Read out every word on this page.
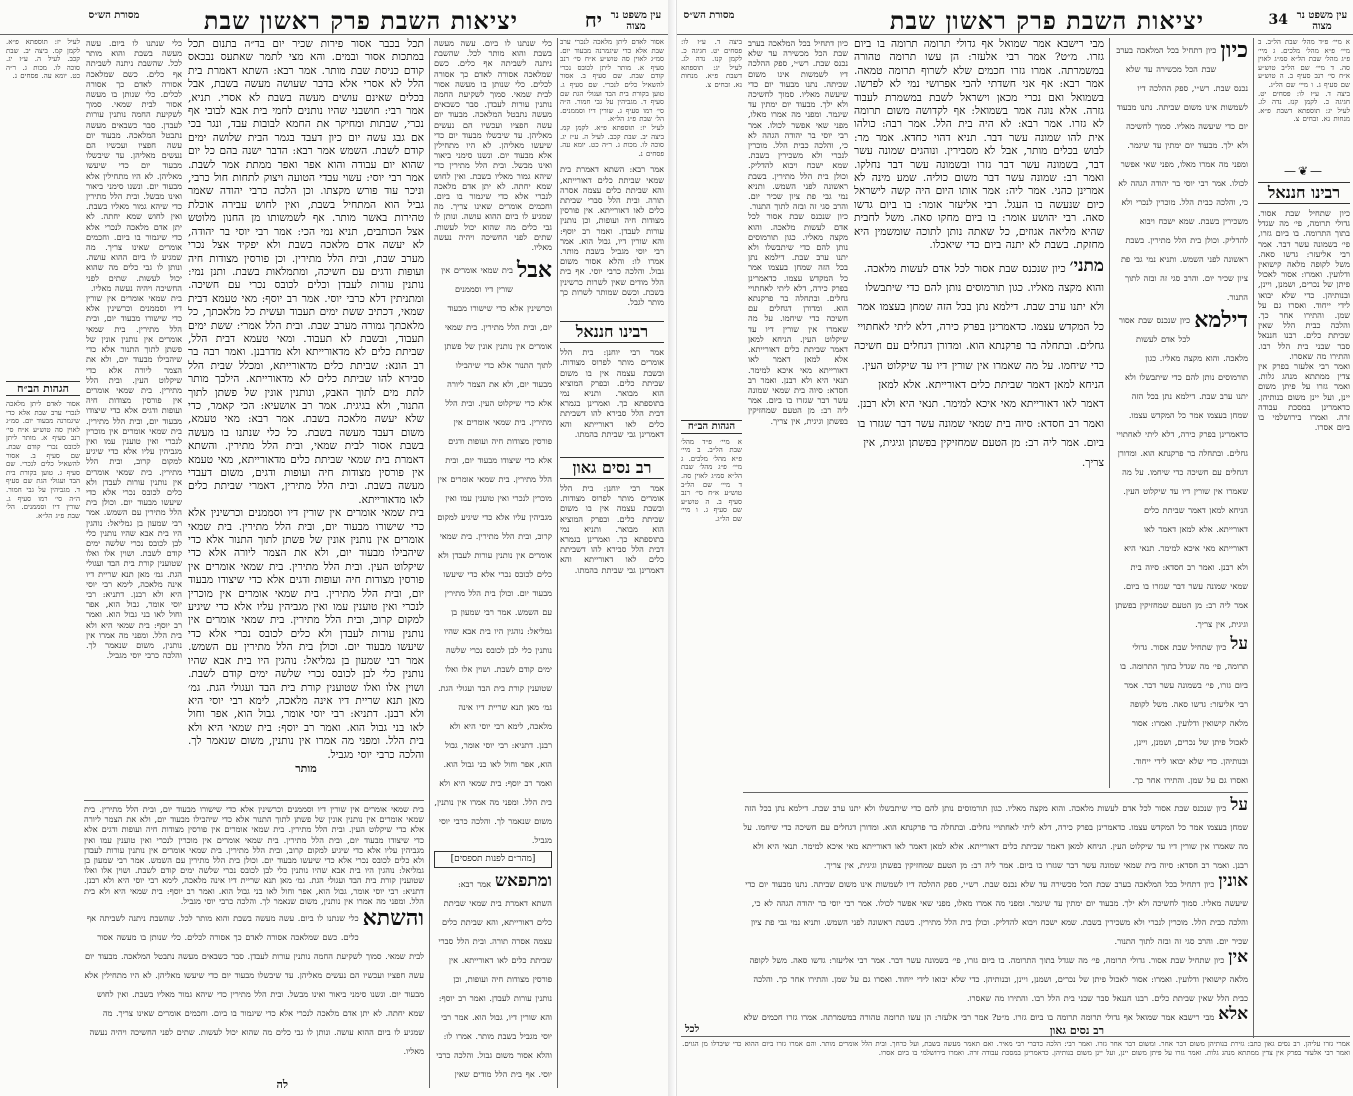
עין משפט נר מצוה
יח
יציאות השבת פרק ראשון שבת
מסורת הש״ס
אסור לאדם ליתן מלאכה לנכרי ערב שבת אלא כדי שיגמרנה מבעוד יום. סמ״ג לאוין סה טוש״ע א״ח סי׳ רנב סעיף א. מותר ליתן לכובס נכרי קודם שבת. שם סעיף ב. אסור להשאיל כלים לנכרי. שם סעיף ג. טוען בקורת בית הבד ועגולי הגת שם סעיף ד. מגביהין על גבי חמור. ה״ה סי׳ רמו סעיף ג. שורין דיו וסממנים. הל׳ שבת פ״ג הל״א.
לעיל יז: תוספתא פ״א. לקמן קמ. ביצה יב. שבת קכב. לעיל ה. ע״ז יג. סוכה לו. מכות ג. ר״ה כט. יומא עה. פסחים נ.
אמר רבא: השתא דאמרת בית שמאי שביתת כלים דאורייתא, והא שביתת כלים עצמה אסרה תורה. ובית הלל סברי שביתת כלים לאו דאורייתא. אין פורסין מצודות חיה ועופות, וכן נותנין עורות לעבדן. ואמר רב יוסף: והא שורין דיו, גבול הוא. אמר רבי יוסי מגביל בשבת מותר. אמרו לו: והלא אסור משום גבול. והלכה כרבי יוסי. אף בית הלל מודים שאין לשרות כרשינין בשבת. וכשם שמותר לשרות כך מותר לגבל.
רבינו חננאל
אמר רבי יוחנן: בית הלל אומרים מותר לפרוס מצודות. ובשבת עצמה אין בו משום שביתת כלים. ובפרק המוציא הוא מבואר. ותניא נמי בתוספתא כך. ואמרינן בגמרא דבית הלל סבירא להו דשביתת כלים לאו דאורייתא והא דאמרינן גבי שביתת בהמתו.
רב נסים גאון
אמר רבי יוחנן: בית הלל אומרים מותר לפרוס מצודות. ובשבת עצמה אין בו משום שביתת כלים. ובפרק המוציא הוא מבואר. ותניא נמי בתוספתא כך. ואמרינן בגמרא דבית הלל סבירא להו דשביתת כלים לאו דאורייתא והא דאמרינן גבי שביתת בהמתו.
כלי שנתנו לו ביום. עשה מעשה בשבת והוא מותר לכל. שהשבת ניתנה לשביתה אף כלים. כשם שמלאכה אסורה לאדם כך אסורה לכלים. כלי שנותן בו מעשה אסור לבית שמאי. סמוך לשקיעת החמה נותנין עורות לעבדן. סבר כשבאים מעשה נתבטל המלאכה. מבעוד יום עשה חפציו ועכשיו הם נעשים מאליהן. עד שיבשלו מבעוד יום כדי שיעשו מאליהן. לא היו מתחילין אלא מבעוד יום. ונשנו סימני ביאור ואינו מבשל. ובית הלל מתירין כדי שיהא גמור מאליו בשבת. ואין לחוש שמא יחתה. לא יתן אדם מלאכה לנכרי אלא כדי שיגמור בו ביום. וחכמים אומרים שאינו צריך. מה שמגיע לו ביום ההוא עושה. ונותן לו גבי כלים מה שהוא יכול לעשות. שתים לפני החשיכה ויהיה נעשה מאליו.
אבל
בית שמאי אומרים אין שורין דיו וסממנים וכרשינין אלא כדי שישורו מבעוד יום, ובית הלל מתירין. בית שמאי אומרים אין נותנין אונין של פשתן לתוך התנור אלא כדי שיהבילו מבעוד יום, ולא את הצמר ליורה אלא כדי שיקלוט העין. ובית הלל מתירין. בית שמאי אומרים אין פורסין מצודות חיה ועופות ודגים אלא כדי שיצודו מבעוד יום, ובית הלל מתירין. בית שמאי אומרים אין מוכרין לנכרי ואין טוענין עמו ואין מגביהין עליו אלא כדי שיגיע למקום קרוב, ובית הלל מתירין. בית שמאי אומרים אין נותנין עורות לעבדן ולא כלים לכובס נכרי אלא כדי שיעשו מבעוד יום. וכולן בית הלל מתירין עם השמש. אמר רבי שמעון בן גמליאל: נוהגין היו בית אבא שהיו נותנין כלי לבן לכובס נכרי שלשה ימים קודם לשבת. ושוין אלו ואלו שטוענין קורת בית הבד ועגולי הגת. גמ׳ מאן תנא שריית דיו אינה מלאכה, לימא רבי יוסי היא ולא רבנן. דתניא: רבי יוסי אומר, גבול הוא, אפר וחול לאו בני גבול הוא. ואמר רב יוסף: בית שמאי היא ולא בית הלל. ומפני מה אמרו אין נותנין, משום שנאמר לך. והלכה כרבי יוסי מגביל.
[מהר״ם לפנות תספסים]
ומתפאש
אמר רבא: השתא דאמרת בית שמאי שביתת כלים דאורייתא, והא שביתת כלים עצמה אסרה תורה. ובית הלל סברי שביתת כלים לאו דאורייתא. אין פורסין מצודות חיה ועופות, וכן נותנין עורות לעבדן. ואמר רב יוסף: והא שורין דיו, גבול הוא. אמר רבי יוסי מגביל בשבת מותר. אמרו לו: והלא אסור משום גבול. והלכה כרבי יוסי. אף בית הלל מודים שאין
תכל בכבר אסור פירות שכיר יום בד״ה בתנום תכל במתכות אסור ובמים. והא מצי לתמר שאתעס נבכאס קודם כניסת שבת מותר. אמר רבא: השתא דאמרת בית הלל לא אסרי אלא בדבר שעושה מעשה בשבת, אבל בכלים שאינם עושים מעשה בשבת לא אסרי. תניא, אמר רבי: חושבני שהיו נותנים לחמי בית אבא לבובי אף נכרי, שבתות ומחיקר את החמא לבובות עבד, ונגר בכי אם גבג עשה יום כיון דעבד בגמר הבית שלושה ימים קודם לשבת. השמש אמר רבא: הדבר ישנה בהם כל יום שהוא יום עבודה והוא אפר ואפר ממתת אמר לשבת. אמר רבי יוסי: עשוי עבדי הטועה ויצוק לתחות חול כרבי, וניכר עוד פורש מקצתו. וכן הלכה כרבי יהודה שאמר גביל הוא המתחיל בשבת, ואין לחוש עבירה אוכלת טהירות באשר מותר. אף לשמשותו מן החנון מלוטש אצל הכותבים, תניא נמי הכי: אמר רבי יוסי בר יהודה, לא יעשה אדם מלאכה בשבת ולא יפקיד אצל נכרי מערב שבת, ובית הלל מתירין. וכן פורסין מצודות חיה ועופות ודגים עם חשיכה, ומתמלאות בשבת. ותנן נמי: נותנין עורות לעבדן וכלים לכובס נכרי עם חשיכה. ומתניתין דלא כרבי יוסי. אמר רב יוסף: מאי טעמא דבית שמאי, דכתיב ששת ימים תעבוד ועשית כל מלאכתך, כל מלאכתך גמורה מערב שבת. ובית הלל אמרי: ששת ימים תעבוד, ובשבת לא תעבוד. ומאי טעמא דבית הלל, שביתת כלים לא מדאורייתא ולא מדרבנן. ואמר רבה בר רב הונא: שביתת כלים מדאורייתא, ומכלל שבית הלל סבירא להו שביתת כלים לא מדאורייתא. הילכך מותר לתת מים לתוך האבק, ונותנין אונין של פשתן לתוך התנור, ולא בגיגית. אמר רב אושעיא: הכי קאמר, כדי שלא יעשה מלאכה בשבת. אמר רבא: מאי טעמא, משום דעבד מעשה בשבת. כל כלי שנתנו בו מעשה בשבת אסור לבית שמאי, ובית הלל מתירין. והשתא דאמרת בית שמאי שביתת כלים מדאורייתא, מאי טעמא אין פורסין מצודות חיה ועופות ודגים, משום דעבדי מעשה בשבת. ובית הלל מתירין, דאמרי שביתת כלים לאו מדאורייתא.
בית שמאי אומרים אין שורין דיו וסממנים וכרשינין אלא כדי שישורו מבעוד יום, ובית הלל מתירין. בית שמאי אומרים אין נותנין אונין של פשתן לתוך התנור אלא כדי שיהבילו מבעוד יום, ולא את הצמר ליורה אלא כדי שיקלוט העין. ובית הלל מתירין. בית שמאי אומרים אין פורסין מצודות חיה ועופות ודגים אלא כדי שיצודו מבעוד יום, ובית הלל מתירין. בית שמאי אומרים אין מוכרין לנכרי ואין טוענין עמו ואין מגביהין עליו אלא כדי שיגיע למקום קרוב, ובית הלל מתירין. בית שמאי אומרים אין נותנין עורות לעבדן ולא כלים לכובס נכרי אלא כדי שיעשו מבעוד יום. וכולן בית הלל מתירין עם השמש. אמר רבי שמעון בן גמליאל: נוהגין היו בית אבא שהיו נותנין כלי לבן לכובס נכרי שלשה ימים קודם לשבת. ושוין אלו ואלו שטוענין קורת בית הבד ועגולי הגת. גמ׳ מאן תנא שריית דיו אינה מלאכה, לימא רבי יוסי היא ולא רבנן. דתניא: רבי יוסי אומר, גבול הוא, אפר וחול לאו בני גבול הוא. ואמר רב יוסף: בית שמאי היא ולא בית הלל. ומפני מה אמרו אין נותנין, משום שנאמר לך. והלכה כרבי יוסי מגביל.
מותר
כלי שנתנו לו ביום. עשה מעשה בשבת והוא מותר לכל. שהשבת ניתנה לשביתה אף כלים. כשם שמלאכה אסורה לאדם כך אסורה לכלים. כלי שנותן בו מעשה אסור לבית שמאי. סמוך לשקיעת החמה נותנין עורות לעבדן. סבר כשבאים מעשה נתבטל המלאכה. מבעוד יום עשה חפציו ועכשיו הם נעשים מאליהן. עד שיבשלו מבעוד יום כדי שיעשו מאליהן. לא היו מתחילין אלא מבעוד יום. ונשנו סימני ביאור ואינו מבשל. ובית הלל מתירין כדי שיהא גמור מאליו בשבת. ואין לחוש שמא יחתה. לא יתן אדם מלאכה לנכרי אלא כדי שיגמור בו ביום. וחכמים אומרים שאינו צריך. מה שמגיע לו ביום ההוא עושה. ונותן לו גבי כלים מה שהוא יכול לעשות. שתים לפני החשיכה ויהיה נעשה מאליו.
בית שמאי אומרים אין שורין דיו וסממנים וכרשינין אלא כדי שישורו מבעוד יום, ובית הלל מתירין. בית שמאי אומרים אין נותנין אונין של פשתן לתוך התנור אלא כדי שיהבילו מבעוד יום, ולא את הצמר ליורה אלא כדי שיקלוט העין. ובית הלל מתירין. בית שמאי אומרים אין פורסין מצודות חיה ועופות ודגים אלא כדי שיצודו מבעוד יום, ובית הלל מתירין. בית שמאי אומרים אין מוכרין לנכרי ואין טוענין עמו ואין מגביהין עליו אלא כדי שיגיע למקום קרוב, ובית הלל מתירין. בית שמאי אומרים אין נותנין עורות לעבדן ולא כלים לכובס נכרי אלא כדי שיעשו מבעוד יום. וכולן בית הלל מתירין עם השמש. אמר רבי שמעון בן גמליאל: נוהגין היו בית אבא שהיו נותנין כלי לבן לכובס נכרי שלשה ימים קודם לשבת. ושוין אלו ואלו שטוענין קורת בית הבד ועגולי הגת. גמ׳ מאן תנא שריית דיו אינה מלאכה, לימא רבי יוסי היא ולא רבנן. דתניא: רבי יוסי אומר, גבול הוא, אפר וחול לאו בני גבול הוא. ואמר רב יוסף: בית שמאי היא ולא בית הלל. ומפני מה אמרו אין נותנין, משום שנאמר לך. והלכה כרבי יוסי מגביל.
לעיל יז: תוספתא פ״א. לקמן קמ. ביצה יב. שבת קכב. לעיל ה. ע״ז יג. סוכה לו. מכות ג. ר״ה כט. יומא עה. פסחים נ.
הגהות הב״ח
אסור לאדם ליתן מלאכה לנכרי ערב שבת אלא כדי שיגמרנה מבעוד יום. סמ״ג לאוין סה טוש״ע א״ח סי׳ רנב סעיף א. מותר ליתן לכובס נכרי קודם שבת. שם סעיף ב. אסור להשאיל כלים לנכרי. שם סעיף ג. טוען בקורת בית הבד ועגולי הגת שם סעיף ד. מגביהין על גבי חמור. ה״ה סי׳ רמו סעיף ג. שורין דיו וסממנים. הל׳ שבת פ״ג הל״א.
בית שמאי אומרים אין שורין דיו וסממנים וכרשינין אלא כדי שישורו מבעוד יום, ובית הלל מתירין. בית שמאי אומרים אין נותנין אונין של פשתן לתוך התנור אלא כדי שיהבילו מבעוד יום, ולא את הצמר ליורה אלא כדי שיקלוט העין. ובית הלל מתירין. בית שמאי אומרים אין פורסין מצודות חיה ועופות ודגים אלא כדי שיצודו מבעוד יום, ובית הלל מתירין. בית שמאי אומרים אין מוכרין לנכרי ואין טוענין עמו ואין מגביהין עליו אלא כדי שיגיע למקום קרוב, ובית הלל מתירין. בית שמאי אומרים אין נותנין עורות לעבדן ולא כלים לכובס נכרי אלא כדי שיעשו מבעוד יום. וכולן בית הלל מתירין עם השמש. אמר רבי שמעון בן גמליאל: נוהגין היו בית אבא שהיו נותנין כלי לבן לכובס נכרי שלשה ימים קודם לשבת. ושוין אלו ואלו שטוענין קורת בית הבד ועגולי הגת. גמ׳ מאן תנא שריית דיו אינה מלאכה, לימא רבי יוסי היא ולא רבנן. דתניא: רבי יוסי אומר, גבול הוא, אפר וחול לאו בני גבול הוא. ואמר רב יוסף: בית שמאי היא ולא בית הלל. ומפני מה אמרו אין נותנין, משום שנאמר לך. והלכה כרבי יוסי מגביל.
והשתא
כלי שנתנו לו ביום. עשה מעשה בשבת והוא מותר לכל. שהשבת ניתנה לשביתה אף כלים. כשם שמלאכה אסורה לאדם כך אסורה לכלים. כלי שנותן בו מעשה אסור לבית שמאי. סמוך לשקיעת החמה נותנין עורות לעבדן. סבר כשבאים מעשה נתבטל המלאכה. מבעוד יום עשה חפציו ועכשיו הם נעשים מאליהן. עד שיבשלו מבעוד יום כדי שיעשו מאליהן. לא היו מתחילין אלא מבעוד יום. ונשנו סימני ביאור ואינו מבשל. ובית הלל מתירין כדי שיהא גמור מאליו בשבת. ואין לחוש שמא יחתה. לא יתן אדם מלאכה לנכרי אלא כדי שיגמור בו ביום. וחכמים אומרים שאינו צריך. מה שמגיע לו ביום ההוא עושה. ונותן לו גבי כלים מה שהוא יכול לעשות. שתים לפני החשיכה ויהיה נעשה מאליו.
לה
עין משפט נר מצוה
34
יציאות השבת פרק ראשון שבת
מסורת הש״ס
א מיי׳ פ״ד מהל׳ שבת הל״ב. ב מיי׳ פ״א מהל׳ מלכים. ג מיי׳ פ״ג מהל׳ שבת הל״א סמ״ג לאוין סה. ד מיי׳ שם הל״ב טוש״ע א״ח סי׳ רנב סעיף ב. ה טוש״ע שם סעיף ג. ו מיי׳ שם הל״ג.
ביצה ד. ע״ז לו: פסחים יט. חגיגה כ. לקמן קנז. נדה לג. לעיל יג: תוספתא דשבת פ״א. מנחות נא. זבחים צ.
—❦—
רבינו חננאל
כיון שתחיל שבת אסור. גדולי תרומה, פי׳ מה שגדל בתוך התרומה. בו ביום גזרו, פי׳ בשמונה עשר דבר. אמר רבי אליעזר: גדשו סאה. משל לקופה מלאה קישואין ודלועין. ואמרו: אסור לאכול פיתן של נכרים, ושמנן, ויינן, ובנותיהן. כדי שלא יבואו לידי ייחוד. ואסרו גם על שמן. והתירו אחר כך. והלכה כבית הלל שאין שביתת כלים. רבנו חננאל סבר שבני בית הלל רבו. והתירו מה שאסרו.
ואמר רבי אלעזר בפרק אין צדין ממתתא מנהג גלות. ואמר גזרו על פיתן משום יינן, ועל יינן משום בנותיהן. כדאמרינן במסכת עבודה זרה. ואמרו בירושלמי בו ביום אסרו.
כיון
כיון דתחיל בכל המלאכה בערב שבת הכל מכשירה עד שלא נכנס שבת. רש״י, ספק ההלכה דיו לשמשות אינו משום שביתה. נתנו מבעוד יום כדי שיעשה מאליו. סמוך לחשיכה ולא ילך. מבעוד יום ימתין עד שיגמר. ומפני מה אמרו מאלו, מפני שאי אפשר לכולו. אמר רבי יוסי בר יהודה הגהה לא כי, והלכה כבית הלל. מוכרין לנכרי ולא משכירין בשבת. שמא ישכח ויבוא להדליק. וכולן בית הלל מתירין. בשבת ראשונה לפני השמש. ותניא נמי גבי פת ציון שכיר יום. והרב סגי זה ובזה לתוך התנור.
דילמא
כיון שנכנס שבת אסור לכל אדם לעשות מלאכה. והוא מקצה מאליו. כגון תורמוסים נותן להם כדי שיתבשלו ולא יתנו ערב שבת. דילמא נתן בכל הזה שמחן בעצמו אמר כל המקדש עצמו. כדאמרינן בפרק כירה, דלא ליתי לאחתויי גחלים. ובתחלה בר פרקנתא הוא. ומדורן דגחלים עם חשיכה כדי שיחמו. על מה שאמרו אין שורין דיו עד שיקלוט העין. הניחא למאן דאמר שביתת כלים דאורייתא. אלא למאן דאמר לאו דאורייתא מאי איכא למימר. תנאי היא ולא רבנן. ואמר רב חסדא: סיוה בית שמאי שמונה עשר דבר שגזרו בו ביום. אמר ליה רב: מן הטעם שמחזיקין בפשתן וגיגית, אין צריך.
על
כיון שתחיל שבת אסור. גדולי תרומה, פי׳ מה שגדל בתוך התרומה. בו ביום גזרו, פי׳ בשמונה עשר דבר. אמר רבי אליעזר: גדשו סאה. משל לקופה מלאה קישואין ודלועין. ואמרו: אסור לאכול פיתן של נכרים, ושמנן, ויינן, ובנותיהן. כדי שלא יבואו לידי ייחוד. ואסרו גם על שמן. והתירו אחר כך.
מבי רישבא אמר שמואל אף גדולי תרומה תרומה בו ביום גזרו. מ״ט? אמר רבי אלעזר: הן עשו תרומה טהורה במשמרתה. אמרו גזרו חכמים שלא לשרוף תרומה טמאה. אמר רבא: אף אני חשדתי להבי אפרושי נמי לא לפרשו. בשמואל ואם נכרי מכאן וישראל לשבת במשמרת לעבוד גזרה. אלא נוגה אמר בשמואל: אף לקדושה משום תרומה לא גזרו. אמר רבא: לא היה בית הלל. אמר רבה: כולהו אית להו שמונה עשר דבר. תניא דהוי כחדא. אמר מר: לבוש בכלים מותר, אבל לא מסבירין. ונוהגים שמונה עשר דבר, בשמונה עשר דבר גזרו ובשמונה עשר דבר נחלקו. ואמר רב: שמונה עשר דבר משום כוליה. שמע מינה לא אמרינן כהני. אמר ליה: אמר אותו היום היה קשה לישראל כיום שנעשה בו העגל. רבי אליעזר אומר: בו ביום גדשו סאה. רבי יהושע אומר: בו ביום מחקו סאה. משל לחבית שהיא מליאה אגוזים, כל שאתה נותן לתוכה שומשמין היא מחזקת. בשבת לא יתנה ביום כדי שיאכלו.
מתני׳
כיון שנכנס שבת אסור לכל אדם לעשות מלאכה. והוא מקצה מאליו. כגון תורמוסים נותן להם כדי שיתבשלו ולא יתנו ערב שבת. דילמא נתן בכל הזה שמחן בעצמו אמר כל המקדש עצמו. כדאמרינן בפרק כירה, דלא ליתי לאחתויי גחלים. ובתחלה בר פרקנתא הוא. ומדורן דגחלים עם חשיכה כדי שיחמו. על מה שאמרו אין שורין דיו עד שיקלוט העין. הניחא למאן דאמר שביתת כלים דאורייתא. אלא למאן דאמר לאו דאורייתא מאי איכא למימר. תנאי היא ולא רבנן. ואמר רב חסדא: סיוה בית שמאי שמונה עשר דבר שגזרו בו ביום. אמר ליה רב: מן הטעם שמחזיקין בפשתן וגיגית, אין צריך.
כיון דתחיל בכל המלאכה בערב שבת הכל מכשירה עד שלא נכנס שבת. רש״י, ספק ההלכה דיו לשמשות אינו משום שביתה. נתנו מבעוד יום כדי שיעשה מאליו. סמוך לחשיכה ולא ילך. מבעוד יום ימתין עד שיגמר. ומפני מה אמרו מאלו, מפני שאי אפשר לכולו. אמר רבי יוסי בר יהודה הגהה לא כי, והלכה כבית הלל. מוכרין לנכרי ולא משכירין בשבת. שמא ישכח ויבוא להדליק. וכולן בית הלל מתירין. בשבת ראשונה לפני השמש. ותניא נמי גבי פת ציון שכיר יום. והרב סגי זה ובזה לתוך התנור.
כיון שנכנס שבת אסור לכל אדם לעשות מלאכה. והוא מקצה מאליו. כגון תורמוסים נותן להם כדי שיתבשלו ולא יתנו ערב שבת. דילמא נתן בכל הזה שמחן בעצמו אמר כל המקדש עצמו. כדאמרינן בפרק כירה, דלא ליתי לאחתויי גחלים. ובתחלה בר פרקנתא הוא. ומדורן דגחלים עם חשיכה כדי שיחמו. על מה שאמרו אין שורין דיו עד שיקלוט העין. הניחא למאן דאמר שביתת כלים דאורייתא. אלא למאן דאמר לאו דאורייתא מאי איכא למימר. תנאי היא ולא רבנן. ואמר רב חסדא: סיוה בית שמאי שמונה עשר דבר שגזרו בו ביום. אמר ליה רב: מן הטעם שמחזיקין בפשתן וגיגית, אין צריך.
ביצה ד. ע״ז לו: פסחים יט. חגיגה כ. לקמן קנז. נדה לג. לעיל יג: תוספתא דשבת פ״א. מנחות נא. זבחים צ.
הגהות הב״ח
א מיי׳ פ״ד מהל׳ שבת הל״ב. ב מיי׳ פ״א מהל׳ מלכים. ג מיי׳ פ״ג מהל׳ שבת הל״א סמ״ג לאוין סה. ד מיי׳ שם הל״ב טוש״ע א״ח סי׳ רנב סעיף ב. ה טוש״ע שם סעיף ג. ו מיי׳ שם הל״ג.
על
כיון שנכנס שבת אסור לכל אדם לעשות מלאכה. והוא מקצה מאליו. כגון תורמוסים נותן להם כדי שיתבשלו ולא יתנו ערב שבת. דילמא נתן בכל הזה שמחן בעצמו אמר כל המקדש עצמו. כדאמרינן בפרק כירה, דלא ליתי לאחתויי גחלים. ובתחלה בר פרקנתא הוא. ומדורן דגחלים עם חשיכה כדי שיחמו. על מה שאמרו אין שורין דיו עד שיקלוט העין. הניחא למאן דאמר שביתת כלים דאורייתא. אלא למאן דאמר לאו דאורייתא מאי איכא למימר. תנאי היא ולא רבנן. ואמר רב חסדא: סיוה בית שמאי שמונה עשר דבר שגזרו בו ביום. אמר ליה רב: מן הטעם שמחזיקין בפשתן וגיגית, אין צריך.
אונין
כיון דתחיל בכל המלאכה בערב שבת הכל מכשירה עד שלא נכנס שבת. רש״י, ספק ההלכה דיו לשמשות אינו משום שביתה. נתנו מבעוד יום כדי שיעשה מאליו. סמוך לחשיכה ולא ילך. מבעוד יום ימתין עד שיגמר. ומפני מה אמרו מאלו, מפני שאי אפשר לכולו. אמר רבי יוסי בר יהודה הגהה לא כי, והלכה כבית הלל. מוכרין לנכרי ולא משכירין בשבת. שמא ישכח ויבוא להדליק. וכולן בית הלל מתירין. בשבת ראשונה לפני השמש. ותניא נמי גבי פת ציון שכיר יום. והרב סגי זה ובזה לתוך התנור.
אין
כיון שתחיל שבת אסור. גדולי תרומה, פי׳ מה שגדל בתוך התרומה. בו ביום גזרו, פי׳ בשמונה עשר דבר. אמר רבי אליעזר: גדשו סאה. משל לקופה מלאה קישואין ודלועין. ואמרו: אסור לאכול פיתן של נכרים, ושמנן, ויינן, ובנותיהן. כדי שלא יבואו לידי ייחוד. ואסרו גם על שמן. והתירו אחר כך. והלכה כבית הלל שאין שביתת כלים. רבנו חננאל סבר שבני בית הלל רבו. והתירו מה שאסרו.
אלא
מבי רישבא אמר שמואל אף גדולי תרומה תרומה בו ביום גזרו. מ״ט? אמר רבי אלעזר: הן עשו תרומה טהורה במשמרתה. אמרו גזרו חכמים שלא
רב נסים גאון
אמרי גזרו עליהן. רב נסים גאון כתב: גזירת בנותיהן משום דבר אחר. ומשום דבר אחר גזרו. ואמר רבי: הלכה כדברי רבי מאיר. ואם תאמר מעשה בשבת, ועל כרחך. ובית הלל אומרים מותר. והם אמרו גזרו ביום ההוא כדי שיבדלו מן הגוים.
ואמר רבי אלעזר בפרק אין צדין ממתתא מנהג גלות. ואמר גזרו על פיתן משום יינן, ועל יינן משום בנותיהן. כדאמרינן במסכת עבודה זרה. ואמרו בירושלמי בו ביום אסרו.
לכל
